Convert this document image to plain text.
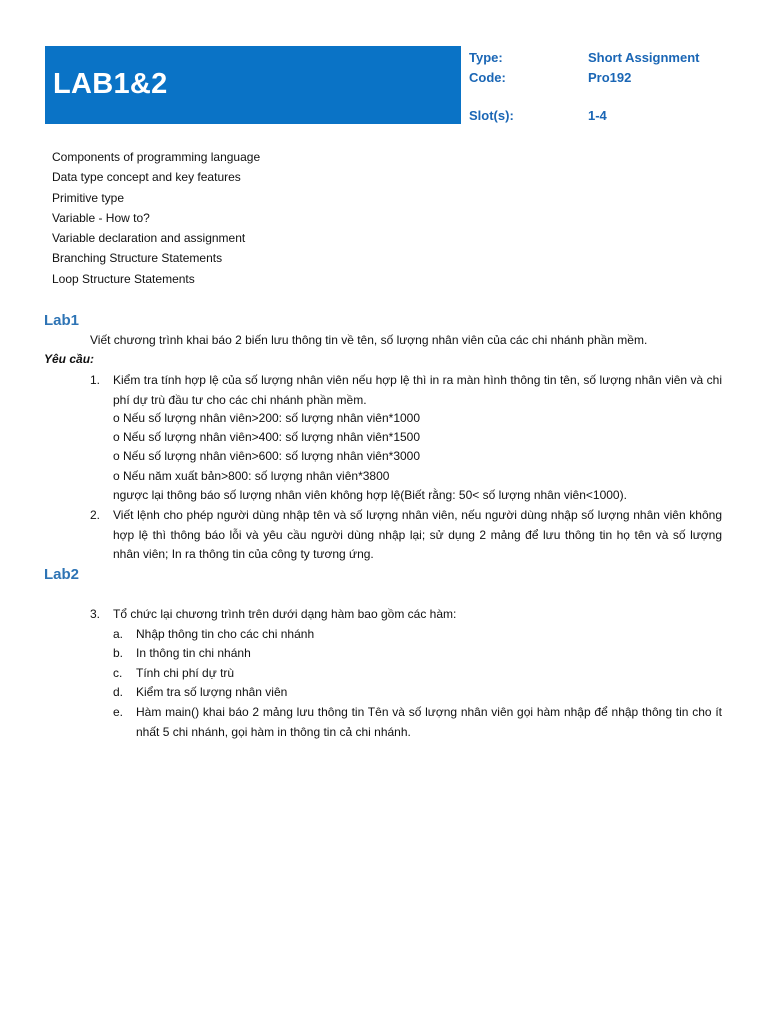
LAB1&2
Type:	Short Assignment
Code:	Pro192
Slot(s):	1-4
Components of programming language
Data type concept and key features
Primitive type
Variable - How to?
Variable declaration and assignment
Branching Structure Statements
Loop Structure Statements
Lab1
Viết chương trình khai báo 2 biến lưu thông tin về tên, số lượng nhân viên của các chi nhánh phần mềm.
Yêu cầu:
1. Kiểm tra tính hợp lệ của số lượng nhân viên nếu hợp lệ thì in ra màn hình thông tin tên, số lượng nhân viên và chi phí dự trù đầu tư cho các chi nhánh phần mềm.
o Nếu số lượng nhân viên>200: số lượng nhân viên*1000
o Nếu số lượng nhân viên>400: số lượng nhân viên*1500
o Nếu số lượng nhân viên>600: số lượng nhân viên*3000
o Nếu năm xuất bản>800: số lượng nhân viên*3800
ngược lại thông báo số lượng nhân viên không hợp lệ(Biết rằng: 50< số lượng nhân viên<1000).
2. Viết lệnh cho phép người dùng nhập tên và số lượng nhân viên, nếu người dùng nhập số lượng nhân viên không hợp lệ thì thông báo lỗi và yêu cầu người dùng nhập lại; sử dụng 2 mảng để lưu thông tin họ tên và số lượng nhân viên; In ra thông tin của công ty tương ứng.
Lab2
3. Tổ chức lại chương trình trên dưới dạng hàm bao gồm các hàm:
a. Nhập thông tin cho các chi nhánh
b. In thông tin chi nhánh
c. Tính chi phí dự trù
d. Kiểm tra số lượng nhân viên
e. Hàm main() khai báo 2 mảng lưu thông tin Tên và số lượng nhân viên gọi hàm nhập để nhập thông tin cho ít nhất 5 chi nhánh, gọi hàm in thông tin cả chi nhánh.
